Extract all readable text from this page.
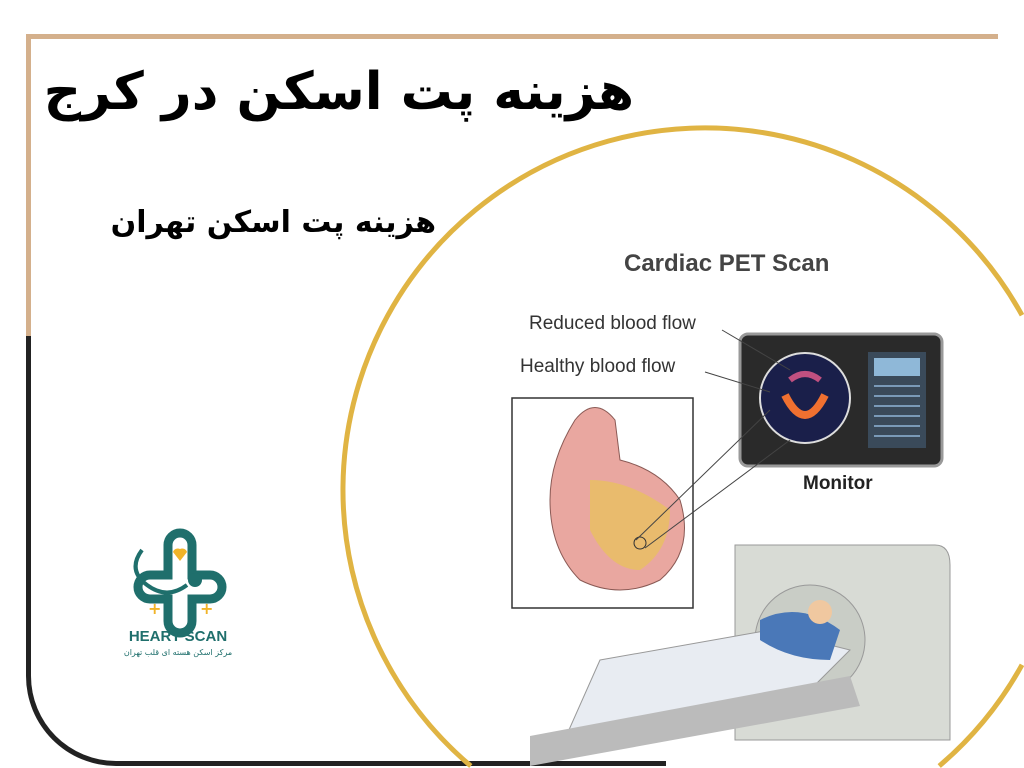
هزینه پت اسکن در کرج
هزینه پت اسکن تهران
Cardiac PET Scan
Reduced blood flow
Healthy blood flow
Monitor
+ +
HEART SCAN
مرکز اسکن هسته ای قلب تهران
